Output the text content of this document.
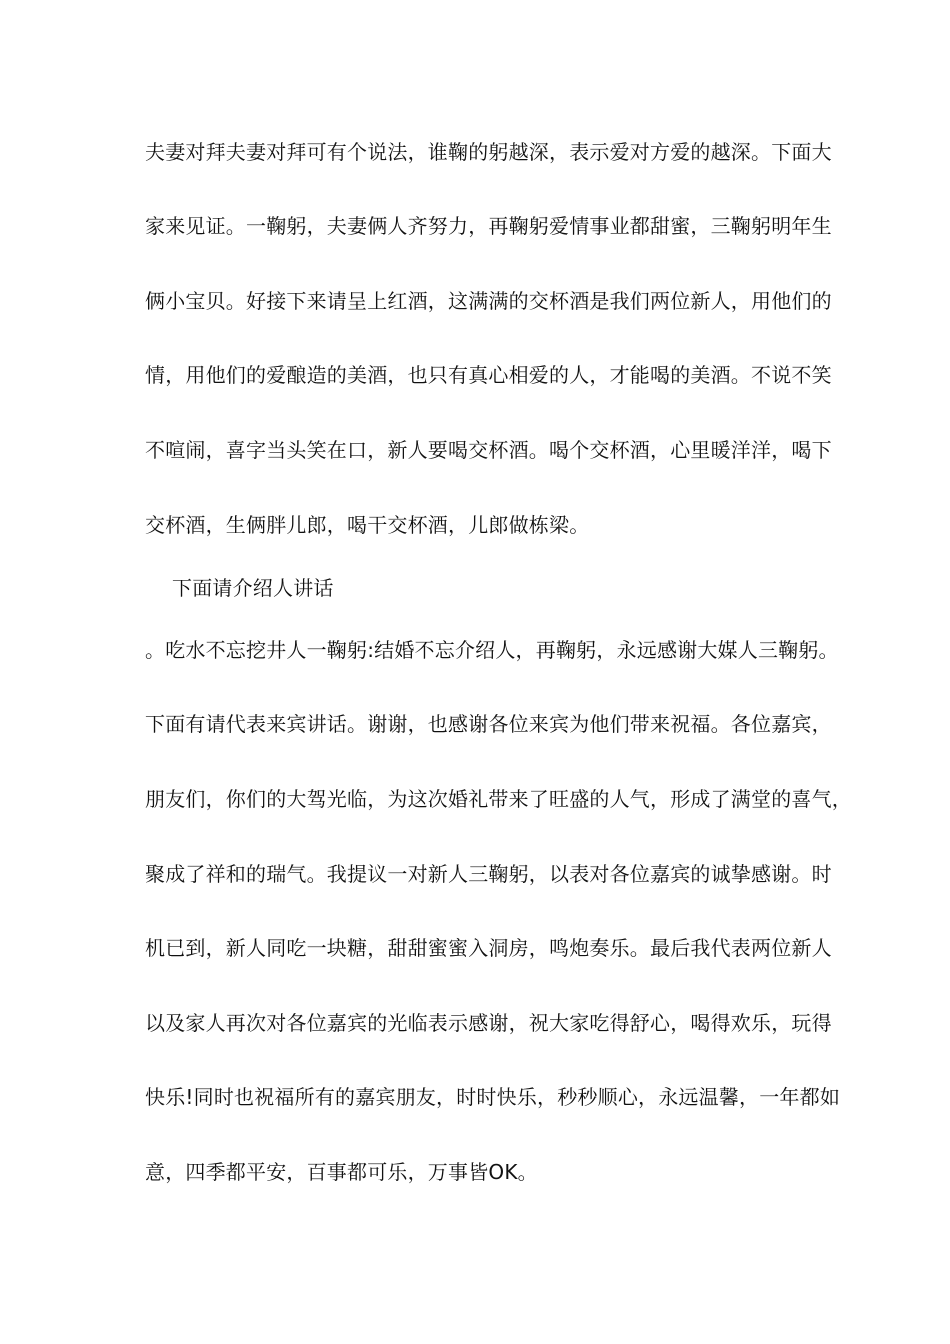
夫妻对拜夫妻对拜可有个说法，谁鞠的躬越深，表示爱对方爱的越深。下面大
家来见证。一鞠躬，夫妻俩人齐努力，再鞠躬爱情事业都甜蜜，三鞠躬明年生
俩小宝贝。好接下来请呈上红酒，这满满的交杯酒是我们两位新人，用他们的
情，用他们的爱酿造的美酒，也只有真心相爱的人，才能喝的美酒。不说不笑
不喧闹，喜字当头笑在口，新人要喝交杯酒。喝个交杯酒，心里暖洋洋，喝下
交杯酒，生俩胖儿郎，喝干交杯酒，儿郎做栋梁。
下面请介绍人讲话
。吃水不忘挖井人一鞠躬:结婚不忘介绍人，再鞠躬，永远感谢大媒人三鞠躬。
下面有请代表来宾讲话。谢谢，也感谢各位来宾为他们带来祝福。各位嘉宾，
朋友们，你们的大驾光临，为这次婚礼带来了旺盛的人气，形成了满堂的喜气，
聚成了祥和的瑞气。我提议一对新人三鞠躬，以表对各位嘉宾的诚挚感谢。时
机已到，新人同吃一块糖，甜甜蜜蜜入洞房，鸣炮奏乐。最后我代表两位新人
以及家人再次对各位嘉宾的光临表示感谢，祝大家吃得舒心，喝得欢乐，玩得
快乐!同时也祝福所有的嘉宾朋友，时时快乐，秒秒顺心，永远温馨，一年都如
意，四季都平安，百事都可乐，万事皆OK。
